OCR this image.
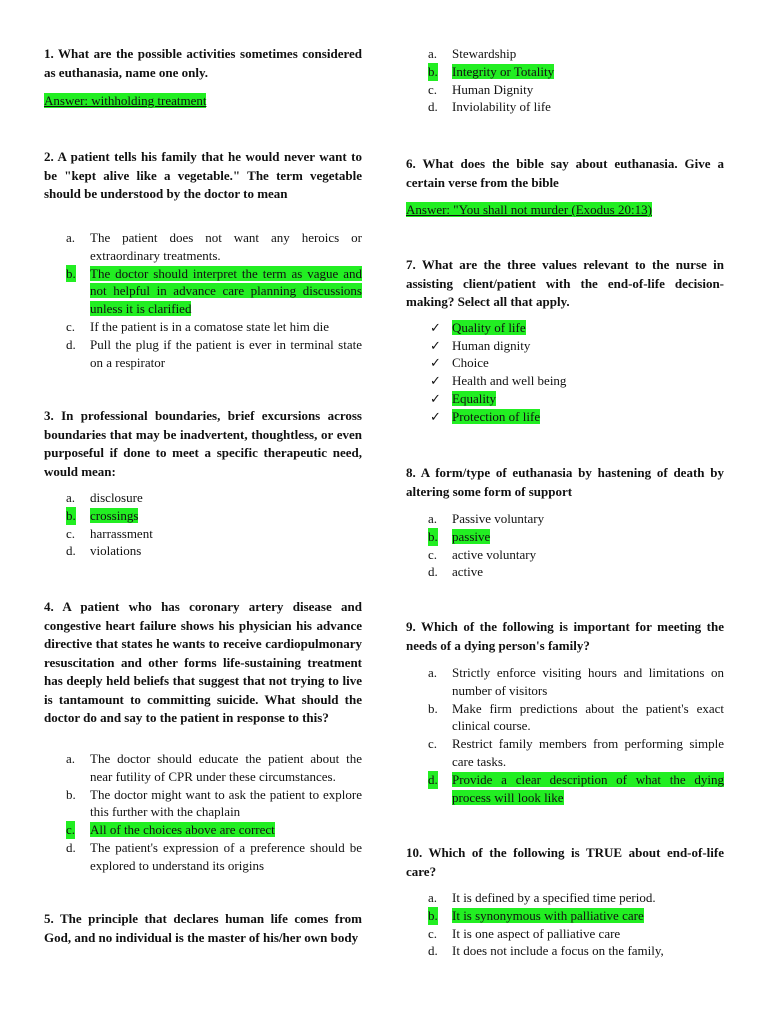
1. What are the possible activities sometimes considered as euthanasia, name one only.
Answer: withholding treatment
2. A patient tells his family that he would never want to be "kept alive like a vegetable." The term vegetable should be understood by the doctor to mean
a. The patient does not want any heroics or extraordinary treatments.
b. The doctor should interpret the term as vague and not helpful in advance care planning discussions unless it is clarified
c. If the patient is in a comatose state let him die
d. Pull the plug if the patient is ever in terminal state on a respirator
3. In professional boundaries, brief excursions across boundaries that may be inadvertent, thoughtless, or even purposeful if done to meet a specific therapeutic need, would mean:
a. disclosure
b. crossings
c. harrassment
d. violations
4. A patient who has coronary artery disease and congestive heart failure shows his physician his advance directive that states he wants to receive cardiopulmonary resuscitation and other forms life-sustaining treatment has deeply held beliefs that suggest that not trying to live is tantamount to committing suicide. What should the doctor do and say to the patient in response to this?
a. The doctor should educate the patient about the near futility of CPR under these circumstances.
b. The doctor might want to ask the patient to explore this further with the chaplain
c. All of the choices above are correct
d. The patient's expression of a preference should be explored to understand its origins
5. The principle that declares human life comes from God, and no individual is the master of his/her own body
a. Stewardship
b. Integrity or Totality
c. Human Dignity
d. Inviolability of life
6. What does the bible say about euthanasia. Give a certain verse from the bible
Answer: "You shall not murder (Exodus 20:13)
7. What are the three values relevant to the nurse in assisting client/patient with the end-of-life decision-making? Select all that apply.
✓ Quality of life
✓ Human dignity
✓ Choice
✓ Health and well being
✓ Equality
✓ Protection of life
8. A form/type of euthanasia by hastening of death by altering some form of support
a. Passive voluntary
b. passive
c. active voluntary
d. active
9. Which of the following is important for meeting the needs of a dying person's family?
a. Strictly enforce visiting hours and limitations on number of visitors
b. Make firm predictions about the patient's exact clinical course.
c. Restrict family members from performing simple care tasks.
d. Provide a clear description of what the dying process will look like
10. Which of the following is TRUE about end-of-life care?
a. It is defined by a specified time period.
b. It is synonymous with palliative care
c. It is one aspect of palliative care
d. It does not include a focus on the family,
